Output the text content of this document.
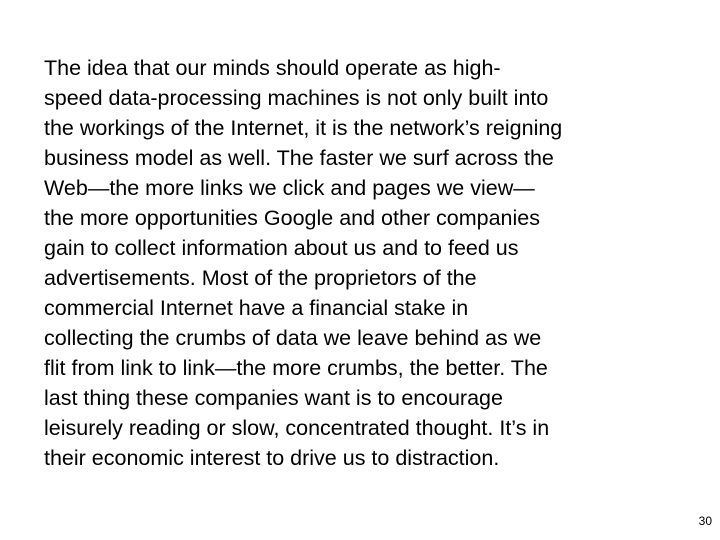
The idea that our minds should operate as high-
speed data-processing machines is not only built into
the workings of the Internet, it is the network’s reigning
business model as well. The faster we surf across the
Web—the more links we click and pages we view—
the more opportunities Google and other companies
gain to collect information about us and to feed us
advertisements. Most of the proprietors of the
commercial Internet have a financial stake in
collecting the crumbs of data we leave behind as we
flit from link to link—the more crumbs, the better. The
last thing these companies want is to encourage
leisurely reading or slow, concentrated thought. It’s in
their economic interest to drive us to distraction.

30
